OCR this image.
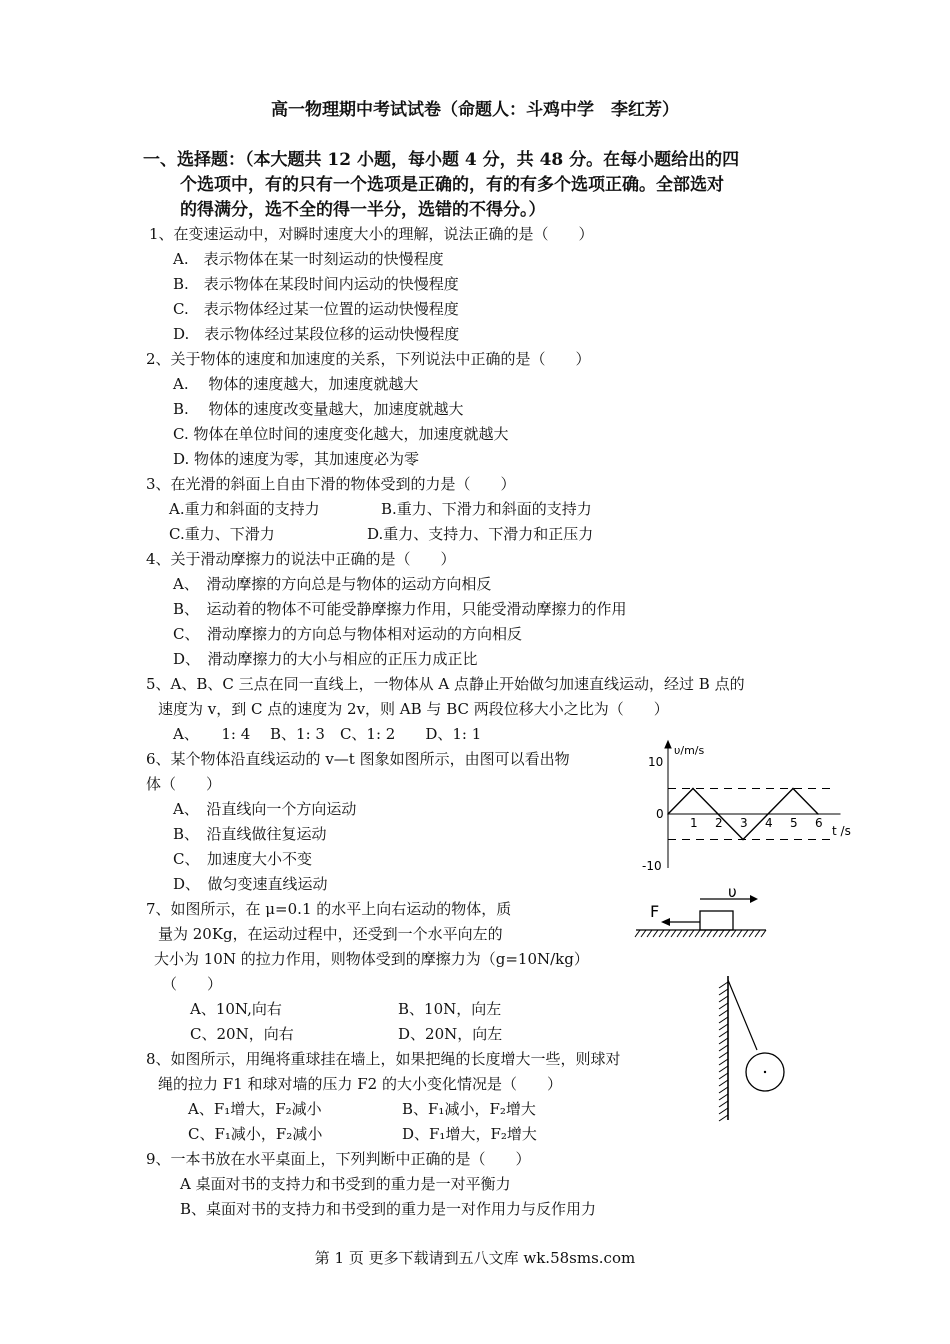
高一物理期中考试试卷（命题人：斗鸡中学　李红芳）
一、选择题：（本大题共 12 小题，每小题 4 分，共 48 分。在每小题给出的四
个选项中，有的只有一个选项是正确的，有的有多个选项正确。全部选对
的得满分，选不全的得一半分，选错的不得分。）
1、在变速运动中，对瞬时速度大小的理解，说法正确的是（　　）
A.　表示物体在某一时刻运动的快慢程度
B.　表示物体在某段时间内运动的快慢程度
C.　表示物体经过某一位置的运动快慢程度
D.　表示物体经过某段位移的运动快慢程度
2、关于物体的速度和加速度的关系，下列说法中正确的是（　　）
A.　 物体的速度越大，加速度就越大
B.　 物体的速度改变量越大，加速度就越大
C. 物体在单位时间的速度变化越大，加速度就越大
D. 物体的速度为零，其加速度必为零
3、在光滑的斜面上自由下滑的物体受到的力是（　　）
A.重力和斜面的支持力	B.重力、下滑力和斜面的支持力
C.重力、下滑力	D.重力、支持力、下滑力和正压力
4、关于滑动摩擦力的说法中正确的是（　　）
A、　滑动摩擦的方向总是与物体的运动方向相反
B、　运动着的物体不可能受静摩擦力作用，只能受滑动摩擦力的作用
C、　滑动摩擦力的方向总与物体相对运动的方向相反
D、　滑动摩擦力的大小与相应的正压力成正比
5、A、B、C 三点在同一直线上，一物体从 A 点静止开始做匀加速直线运动，经过 B 点的
速度为 v，到 C 点的速度为 2v，则 AB 与 BC 两段位移大小之比为（　　）
A、　　1: 4　 B、1: 3　C、1: 2　　D、1: 1
6、某个物体沿直线运动的 v—t 图象如图所示，由图可以看出物
体（　　）
A、　沿直线向一个方向运动
B、　沿直线做往复运动
C、　加速度大小不变
D、　做匀变速直线运动
7、如图所示，在 μ=0.1 的水平上向右运动的物体，质
量为 20Kg，在运动过程中，还受到一个水平向左的
大小为 10N 的拉力作用，则物体受到的摩擦力为（g=10N/kg）
（　　）
A、10N,向右	B、10N，向左
C、20N，向右	D、20N，向左
8、如图所示，用绳将重球挂在墙上，如果把绳的长度增大一些，则球对
绳的拉力 F1 和球对墙的压力 F2 的大小变化情况是（　　）
A、F₁增大，F₂减小	B、F₁减小，F₂增大
C、F₁减小，F₂减小	D、F₁增大，F₂增大
9、一本书放在水平桌面上，下列判断中正确的是（　　）
A 桌面对书的支持力和书受到的重力是一对平衡力
B、桌面对书的支持力和书受到的重力是一对作用力与反作用力
第 1 页 更多下载请到五八文库 wk.58sms.com
υ/m/s
t /s
10
0
-10
1 2 3 4 5 6
υ
F
